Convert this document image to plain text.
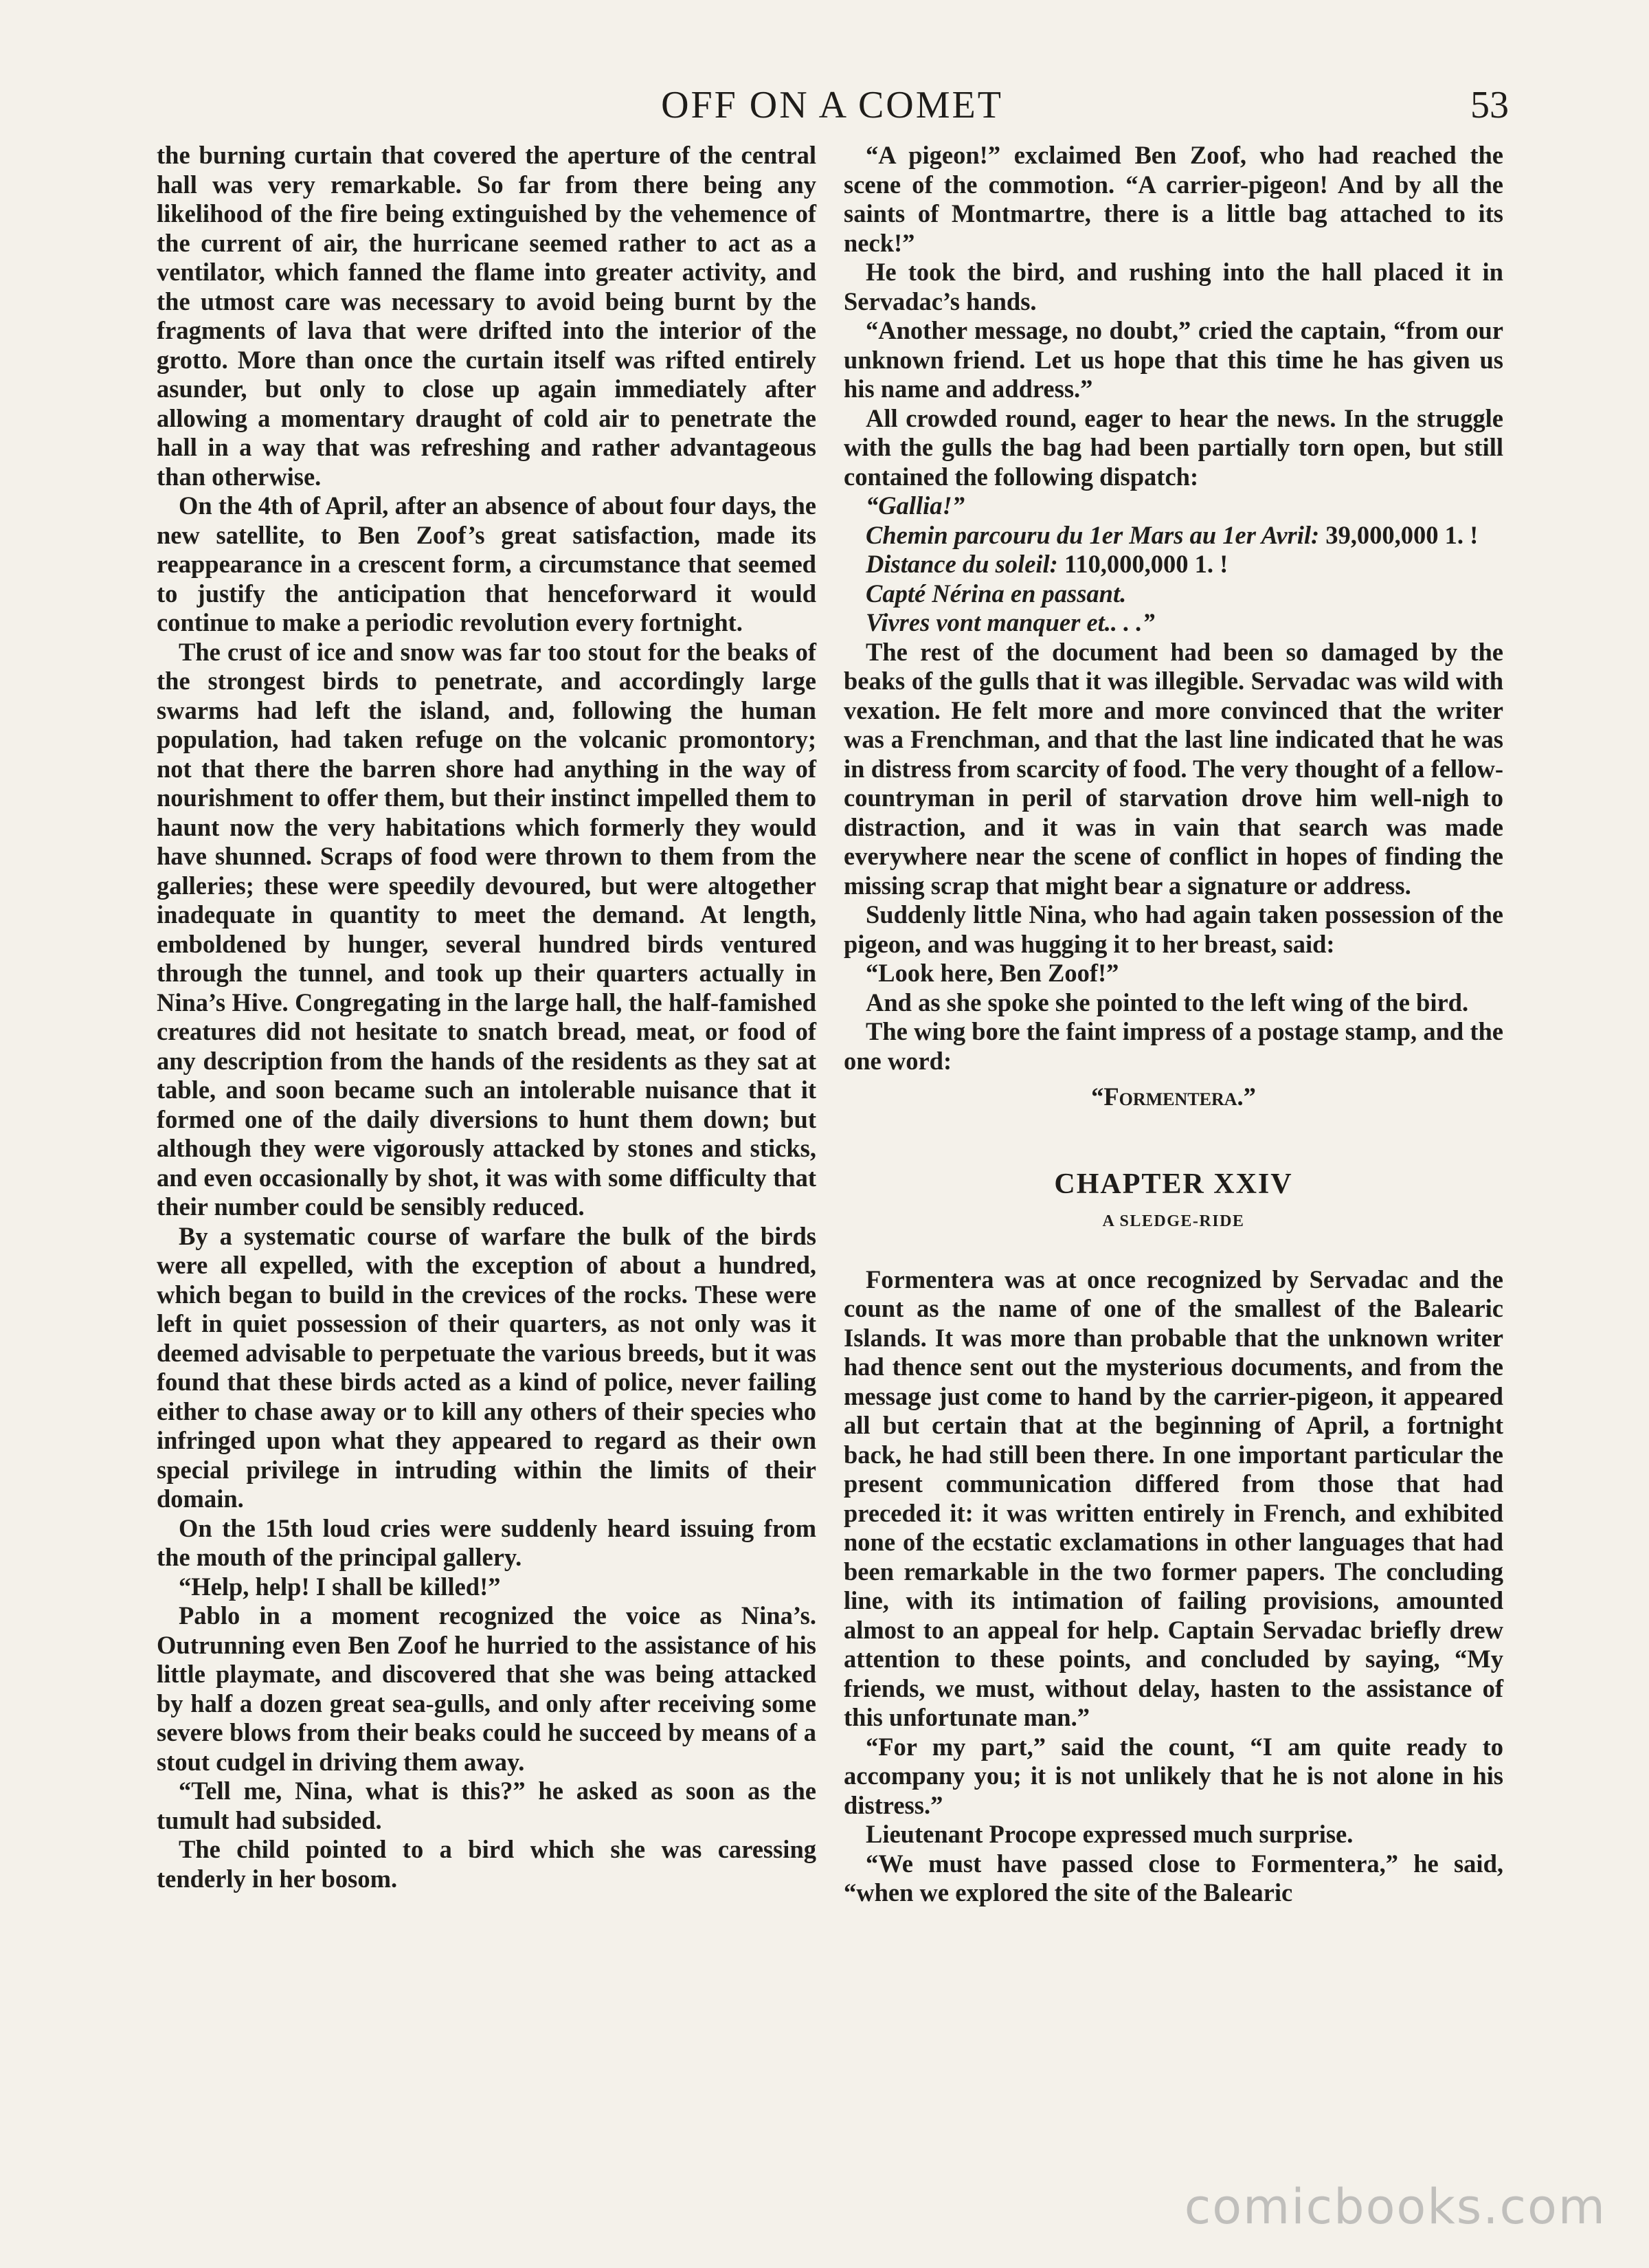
OFF ON A COMET	53

the burning curtain that covered the aperture of the central hall was very remarkable. So far from there being any likelihood of the fire being extinguished by the vehemence of the current of air, the hurricane seemed rather to act as a ventilator, which fanned the flame into greater activity, and the utmost care was necessary to avoid being burnt by the fragments of lava that were drifted into the interior of the grotto. More than once the curtain itself was rifted entirely asunder, but only to close up again immediately after allowing a momentary draught of cold air to penetrate the hall in a way that was refreshing and rather advantageous than otherwise.

On the 4th of April, after an absence of about four days, the new satellite, to Ben Zoof’s great satisfaction, made its reappearance in a crescent form, a circumstance that seemed to justify the anticipation that henceforward it would continue to make a periodic revolution every fortnight.

The crust of ice and snow was far too stout for the beaks of the strongest birds to penetrate, and accordingly large swarms had left the island, and, following the human population, had taken refuge on the volcanic promontory; not that there the barren shore had anything in the way of nourishment to offer them, but their instinct impelled them to haunt now the very habitations which formerly they would have shunned. Scraps of food were thrown to them from the galleries; these were speedily devoured, but were altogether inadequate in quantity to meet the demand. At length, emboldened by hunger, several hundred birds ventured through the tunnel, and took up their quarters actually in Nina’s Hive. Congregating in the large hall, the half-famished creatures did not hesitate to snatch bread, meat, or food of any description from the hands of the residents as they sat at table, and soon became such an intolerable nuisance that it formed one of the daily diversions to hunt them down; but although they were vigorously attacked by stones and sticks, and even occasionally by shot, it was with some difficulty that their number could be sensibly reduced.

By a systematic course of warfare the bulk of the birds were all expelled, with the exception of about a hundred, which began to build in the crevices of the rocks. These were left in quiet possession of their quarters, as not only was it deemed advisable to perpetuate the various breeds, but it was found that these birds acted as a kind of police, never failing either to chase away or to kill any others of their species who infringed upon what they appeared to regard as their own special privilege in intruding within the limits of their domain.

On the 15th loud cries were suddenly heard issuing from the mouth of the principal gallery.

“Help, help! I shall be killed!”

Pablo in a moment recognized the voice as Nina’s. Outrunning even Ben Zoof he hurried to the assistance of his little playmate, and discovered that she was being attacked by half a dozen great sea-gulls, and only after receiving some severe blows from their beaks could he succeed by means of a stout cudgel in driving them away.

“Tell me, Nina, what is this?” he asked as soon as the tumult had subsided.

The child pointed to a bird which she was caressing tenderly in her bosom.

“A pigeon!” exclaimed Ben Zoof, who had reached the scene of the commotion. “A carrier-pigeon! And by all the saints of Montmartre, there is a little bag attached to its neck!”

He took the bird, and rushing into the hall placed it in Servadac’s hands.

“Another message, no doubt,” cried the captain, “from our unknown friend. Let us hope that this time he has given us his name and address.”

All crowded round, eager to hear the news. In the struggle with the gulls the bag had been partially torn open, but still contained the following dispatch:

“Gallia!”
Chemin parcouru du 1er Mars au 1er Avril: 39,000,000 1. !
Distance du soleil: 110,000,000 1. !
Capté Nérina en passant.
Vivres vont manquer et.. . .”

The rest of the document had been so damaged by the beaks of the gulls that it was illegible. Servadac was wild with vexation. He felt more and more convinced that the writer was a Frenchman, and that the last line indicated that he was in distress from scarcity of food. The very thought of a fellow-countryman in peril of starvation drove him well-nigh to distraction, and it was in vain that search was made everywhere near the scene of conflict in hopes of finding the missing scrap that might bear a signature or address.

Suddenly little Nina, who had again taken possession of the pigeon, and was hugging it to her breast, said:

“Look here, Ben Zoof!”

And as she spoke she pointed to the left wing of the bird.

The wing bore the faint impress of a postage stamp, and the one word:

“Formentera.”

CHAPTER XXIV
A SLEDGE-RIDE

Formentera was at once recognized by Servadac and the count as the name of one of the smallest of the Balearic Islands. It was more than probable that the unknown writer had thence sent out the mysterious documents, and from the message just come to hand by the carrier-pigeon, it appeared all but certain that at the beginning of April, a fortnight back, he had still been there. In one important particular the present communication differed from those that had preceded it: it was written entirely in French, and exhibited none of the ecstatic exclamations in other languages that had been remarkable in the two former papers. The concluding line, with its intimation of failing provisions, amounted almost to an appeal for help. Captain Servadac briefly drew attention to these points, and concluded by saying, “My friends, we must, without delay, hasten to the assistance of this unfortunate man.”

“For my part,” said the count, “I am quite ready to accompany you; it is not unlikely that he is not alone in his distress.”

Lieutenant Procope expressed much surprise.

“We must have passed close to Formentera,” he said, “when we explored the site of the Balearic

comicbooks.com
